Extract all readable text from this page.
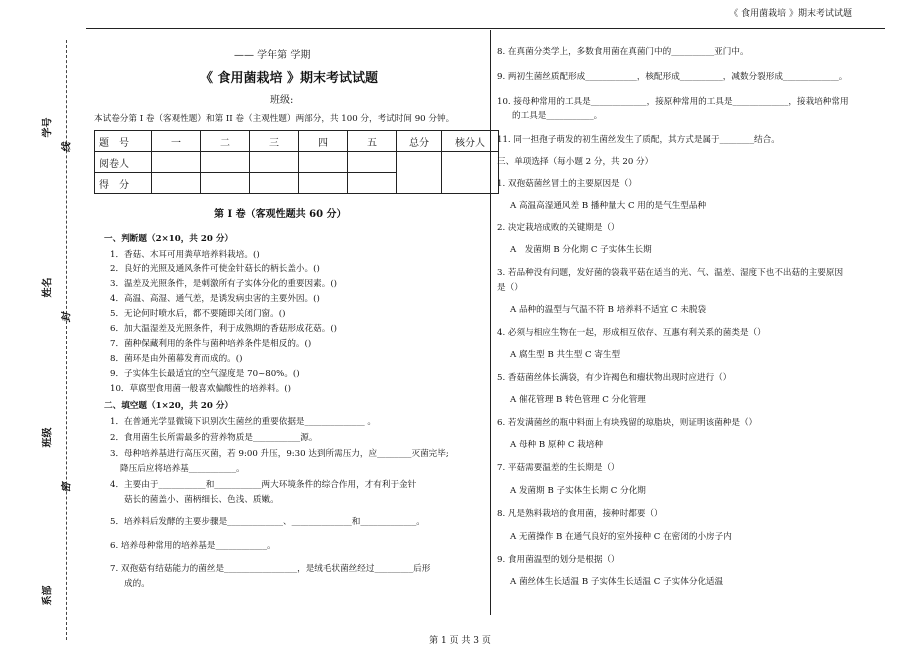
《 食用菌栽培 》期末考试试题
学号
线
姓名
封
班级
密
系部
—— 学年第 学期
《 食用菌栽培 》期末考试试题
班级:
本试卷分第 I 卷（客观性题）和第 II 卷（主观性题）两部分，共 100 分，考试时间 90 分钟。
题　号	一	二	三	四	五	总分	核分人
阅卷人							
得　分							
第 I 卷（客观性题共 60 分）
一、判断题（2×10，共 20 分）
1．香菇、木耳可用粪草培养料栽培。()
2．良好的光照及通风条件可使金针菇长的柄长盖小。()
3．温差及光照条件，是刺激所有子实体分化的重要因素。()
4．高温、高湿、通气差，是诱发病虫害的主要外因。()
5．无论何时喷水后，都不要随即关闭门窗。()
6．加大温湿差及光照条件，利于成熟期的香菇形成花菇。()
7．菌种保藏利用的条件与菌种培养条件是相反的。()
8．菌环是由外菌幕发育而成的。()
9．子实体生长最适宜的空气湿度是 70~80%。()
10．草腐型食用菌一般喜欢偏酸性的培养料。()
二、填空题（1×20，共 20 分）
1．在普通光学显微镜下识别次生菌丝的重要依据是______________ 。
2．食用菌生长所需最多的营养物质是___________源。
3．母种培养基进行高压灭菌，若 9:00 升压，9:30 达到所需压力，应________灭菌完毕;
降压后应将培养基___________。
4．主要由于___________和___________两大环境条件的综合作用，才有利于金针
菇长的菌盖小、菌柄细长、色浅、质嫩。
5．培养料后发酵的主要步骤是_____________、______________和_____________。
6. 培养母种常用的培养基是____________。
7. 双孢菇有结菇能力的菌丝是_________________，是绒毛状菌丝经过_________后形
成的。
8. 在真菌分类学上，多数食用菌在真菌门中的__________亚门中。
9. 两初生菌丝质配形成____________，核配形成__________，减数分裂形成_____________。
10. 接母种常用的工具是_____________，接原种常用的工具是_____________，接栽培种常用
的工具是___________。
11. 同一担孢子萌发的初生菌丝发生了质配，其方式是属于________结合。
三、单项选择（每小题 2 分，共 20 分）
1. 双孢菇菌丝冒土的主要原因是（）
A 高温高湿通风差 B 播种量大 C 用的是气生型品种
2. 决定栽培成败的关键期是（）
A　发菌期 B 分化期 C 子实体生长期
3. 若品种没有问题，发好菌的袋栽平菇在适当的光、气、温差、湿度下也不出菇的主要原因
是（）
A 品种的温型与气温不符 B 培养料不适宜 C 未脱袋
4. 必须与相应生物在一起，形成相互依存、互惠有利关系的菌类是（）
A 腐生型 B 共生型 C 寄生型
5. 香菇菌丝体长满袋，有少许褐色和瘤状物出现时应进行（）
A 催花管理 B 转色管理 C 分化管理
6. 若发满菌丝的瓶中料面上有块残留的琼脂块，则证明该菌种是（）
A 母种 B 原种 C 栽培种
7. 平菇需要温差的生长期是（）
A 发菌期 B 子实体生长期 C 分化期
8. 凡是熟料栽培的食用菌，接种时都要（）
A 无菌操作 B 在通气良好的室外接种 C 在密闭的小房子内
9. 食用菌温型的划分是根据（）
A 菌丝体生长适温 B 子实体生长适温 C 子实体分化适温
第 1 页 共 3 页
